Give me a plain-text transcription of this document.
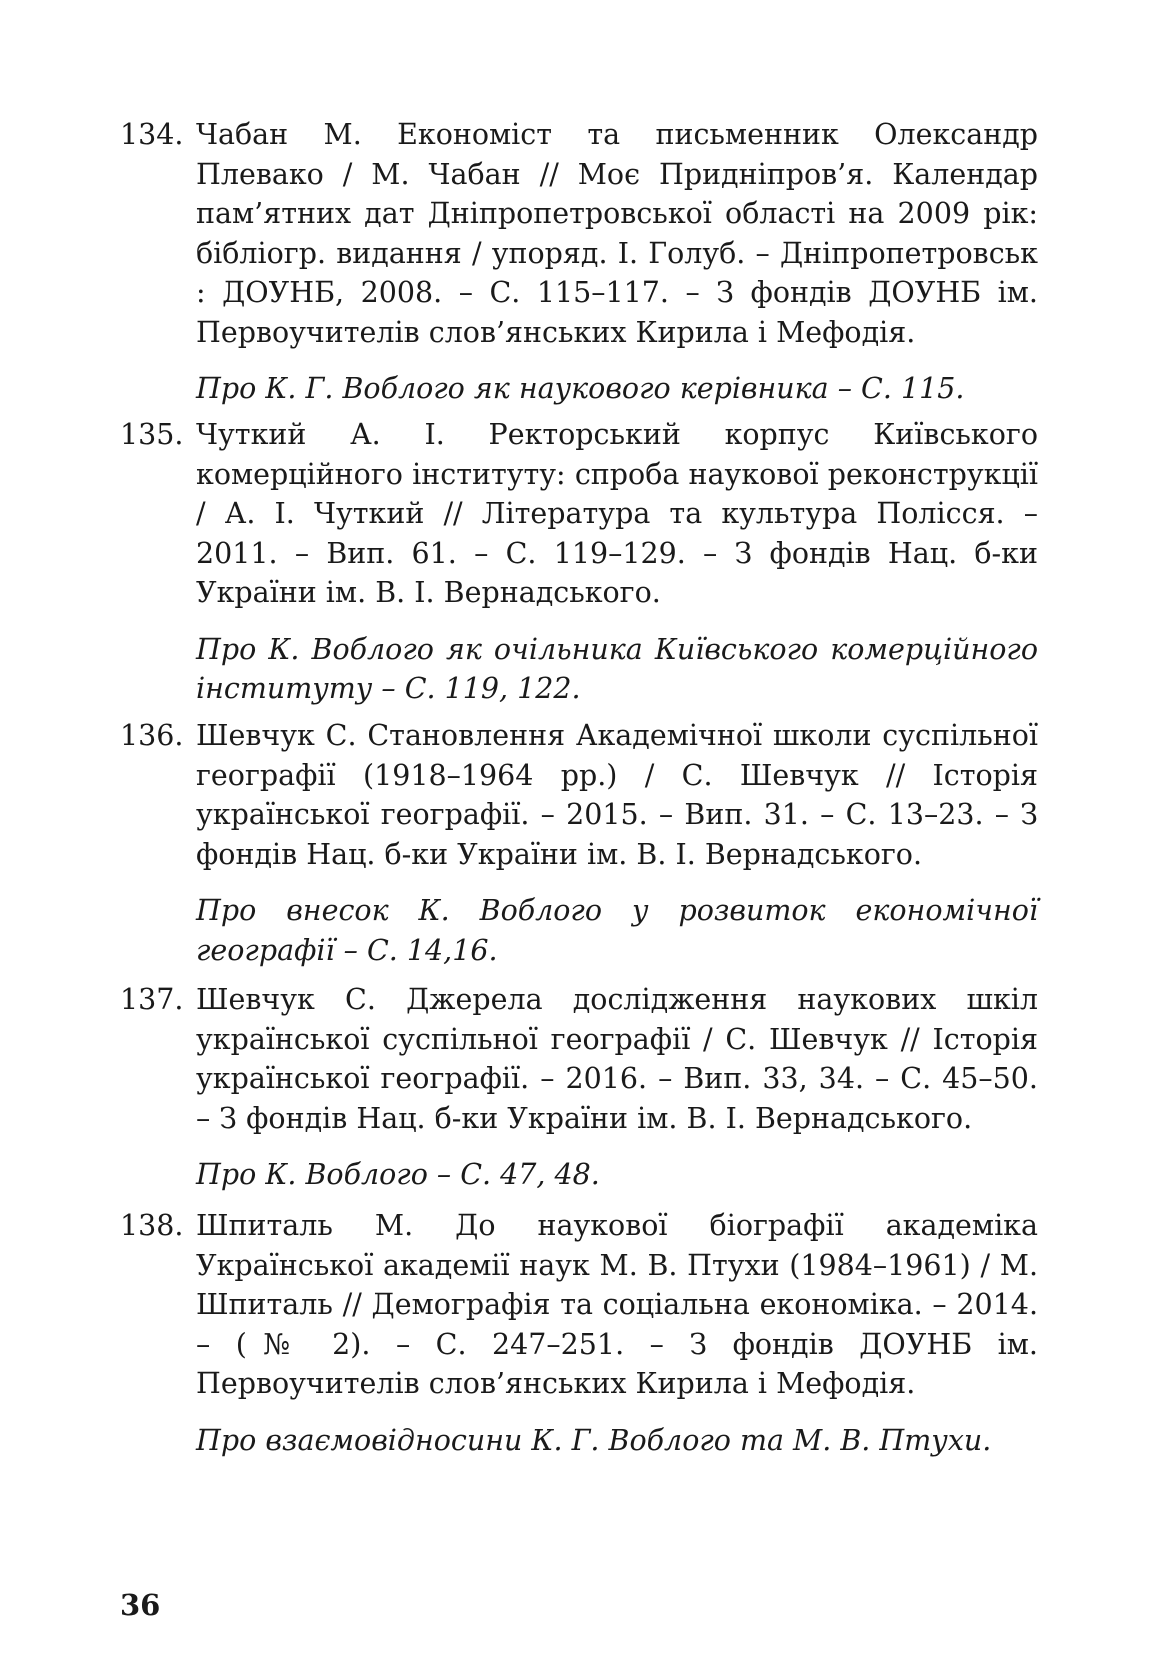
134. Чабан М. Економіст та письменник Олександр Плевако / М. Чабан // Моє Придніпров’я. Календар пам’ятних дат Дніпропетровської області на 2009 рік: бібліогр. видання / упоряд. І. Голуб. – Дніпропетровськ : ДОУНБ, 2008. – С. 115–117. – З фондів ДОУНБ ім. Первоучителів слов’янських Кирила і Мефодія.
Про К. Г. Воблого як наукового керівника – С. 115.
135. Чуткий А. І. Ректорський корпус Київського комерційного інституту: спроба наукової реконструкції / А. І. Чуткий // Література та культура Полісся. – 2011. – Вип. 61. – С. 119–129. – З фондів Нац. б-ки України ім. В. І. Вернадського.
Про К. Воблого як очільника Київського комерційного інституту – С. 119, 122.
136. Шевчук С. Становлення Академічної школи суспільної географії (1918–1964 рр.) / С. Шевчук // Історія української географії. – 2015. – Вип. 31. – С. 13–23. – З фондів Нац. б-ки України ім. В. І. Вернадського.
Про внесок К. Воблого у розвиток економічної географії – С. 14,16.
137. Шевчук С. Джерела дослідження наукових шкіл української суспільної географії / С. Шевчук // Історія української географії. – 2016. – Вип. 33, 34. – С. 45–50. – З фондів Нац. б-ки України ім. В. І. Вернадського.
Про К. Воблого – С. 47, 48.
138. Шпиталь М. До наукової біографії академіка Української академії наук М. В. Птухи (1984–1961) / М. Шпиталь // Демографія та соціальна економіка. – 2014. – (№ 2). – С. 247–251. – З фондів ДОУНБ ім. Первоучителів слов’янських Кирила і Мефодія.
Про взаємовідносини К. Г. Воблого та М. В. Птухи.
36
